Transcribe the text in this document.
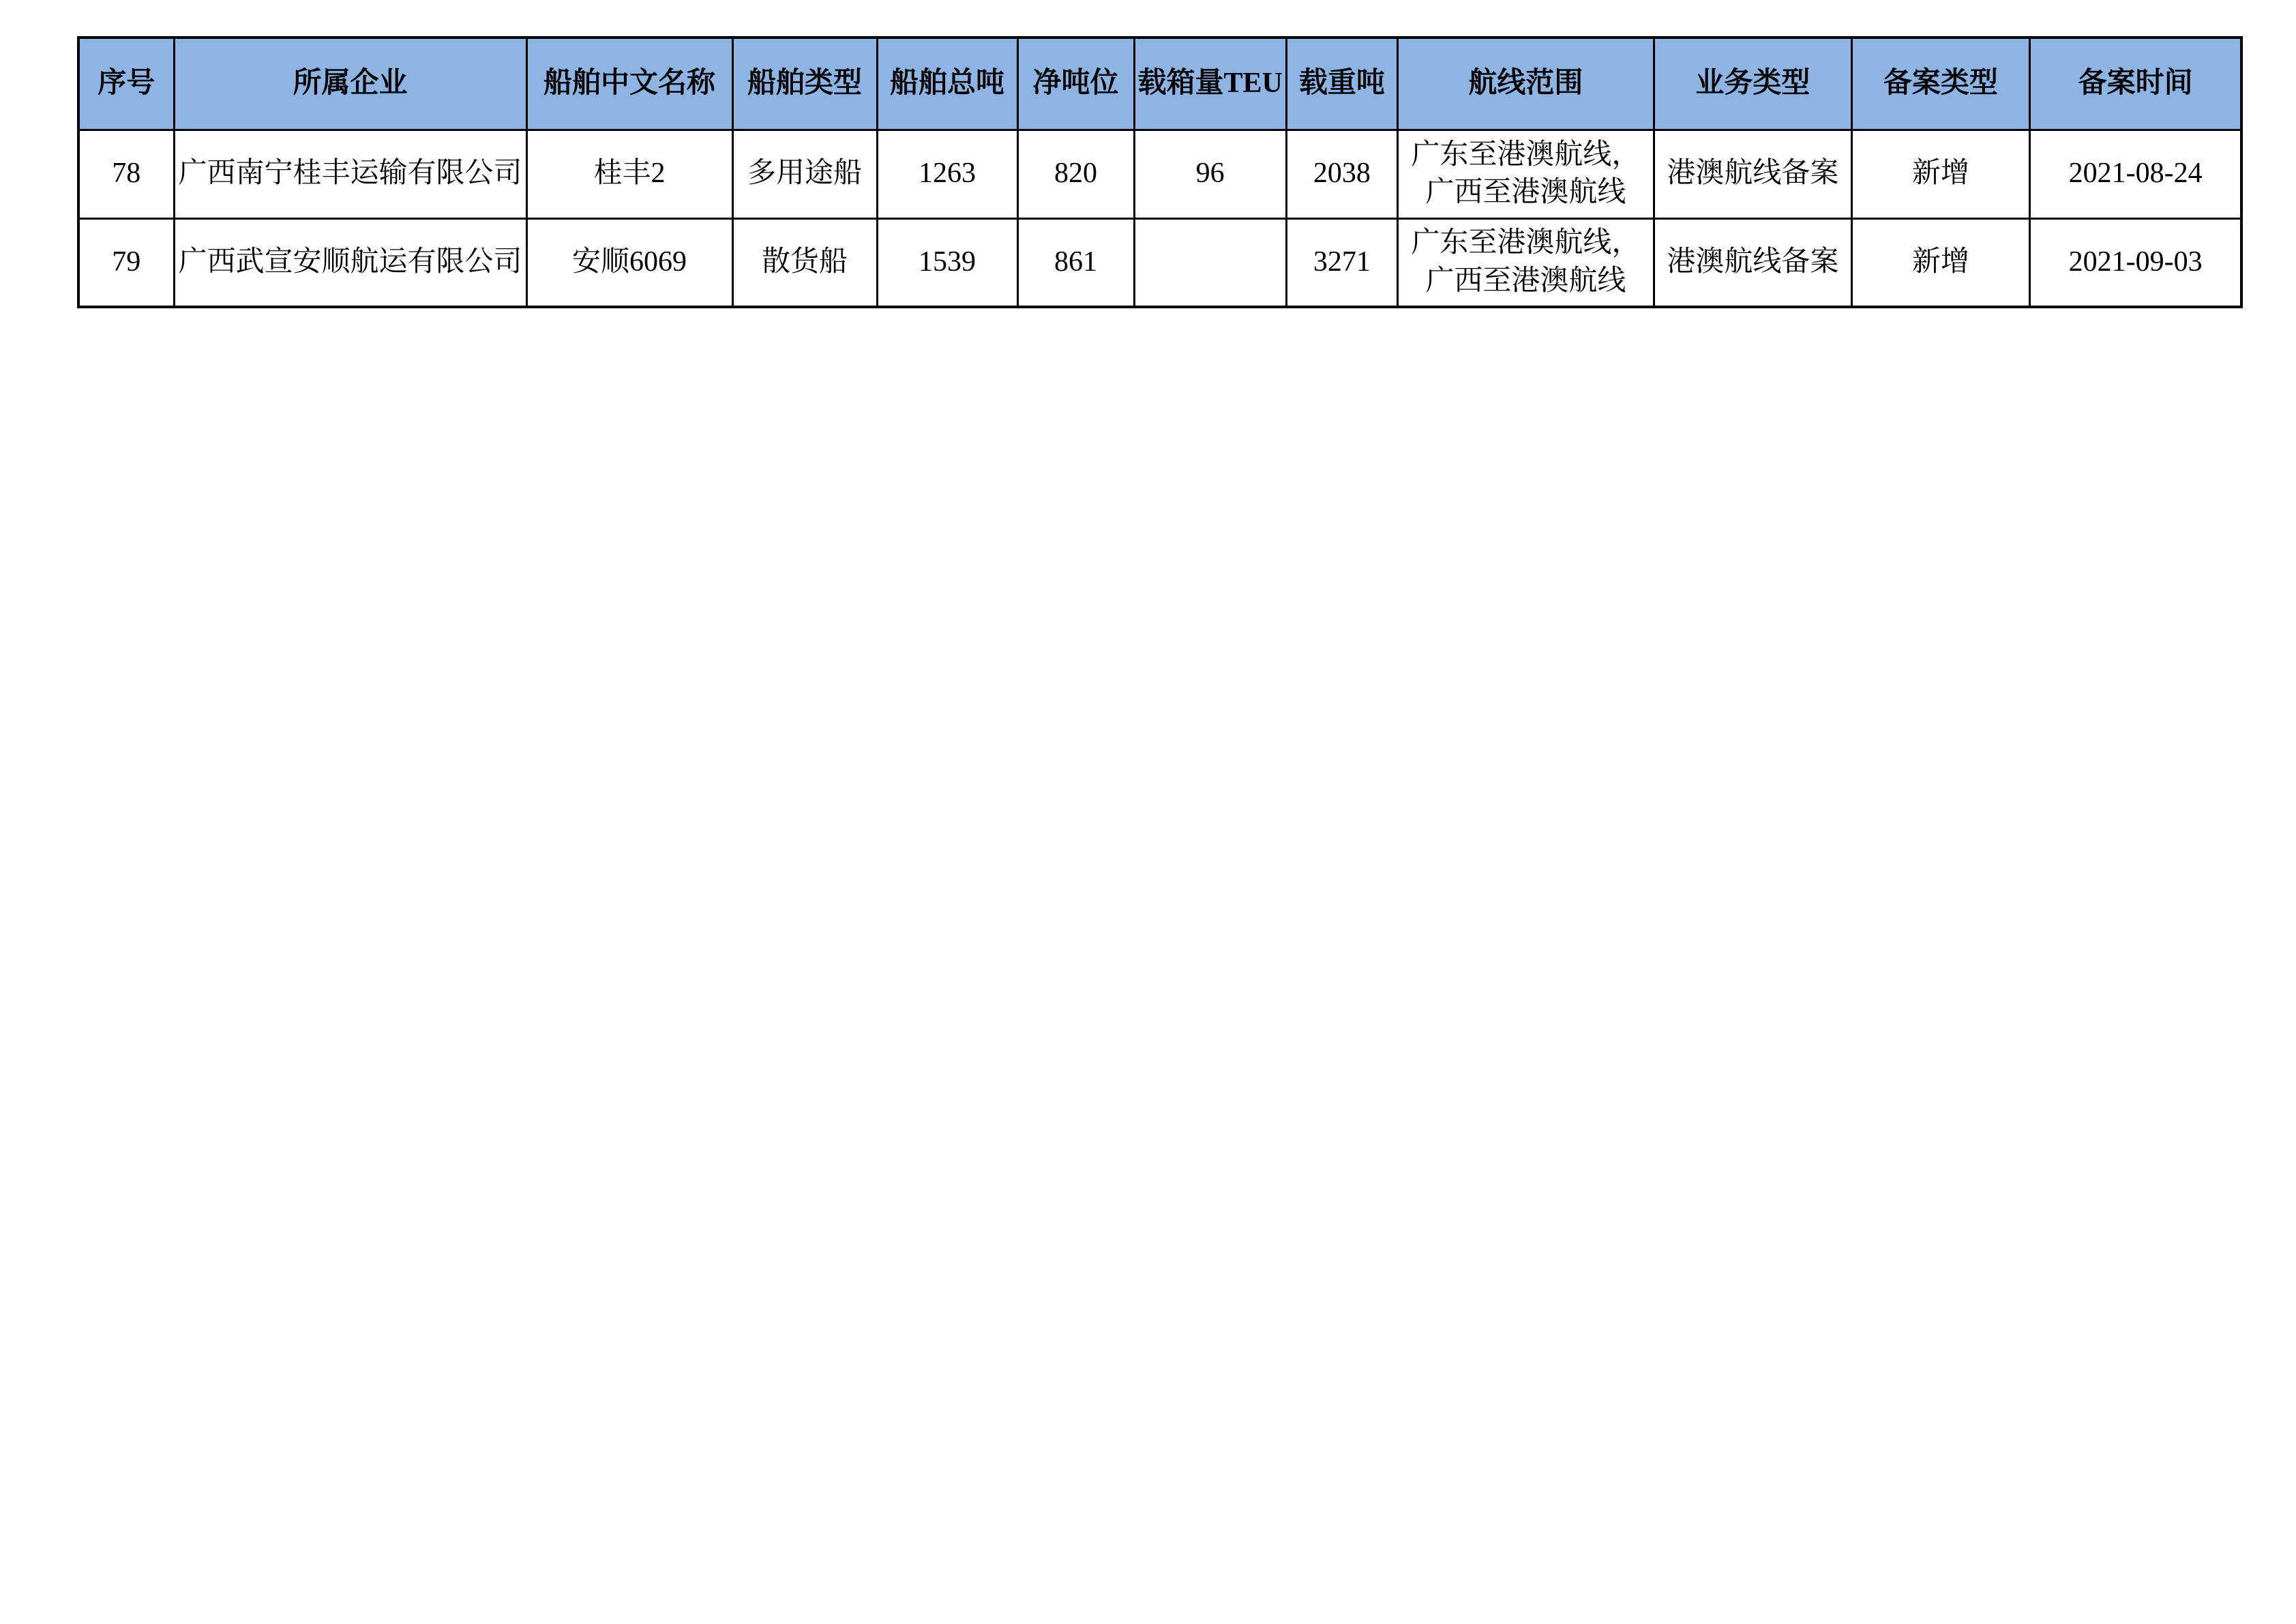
序号	所属企业	船舶中文名称	船舶类型	船舶总吨	净吨位	载箱量TEU	载重吨	航线范围	业务类型	备案类型	备案时间
78	广西南宁桂丰运输有限公司	桂丰2	多用途船	1263	820	96	2038	广东至港澳航线，广西至港澳航线	港澳航线备案	新增	2021-08-24
79	广西武宣安顺航运有限公司	安顺6069	散货船	1539	861		3271	广东至港澳航线，广西至港澳航线	港澳航线备案	新增	2021-09-03
